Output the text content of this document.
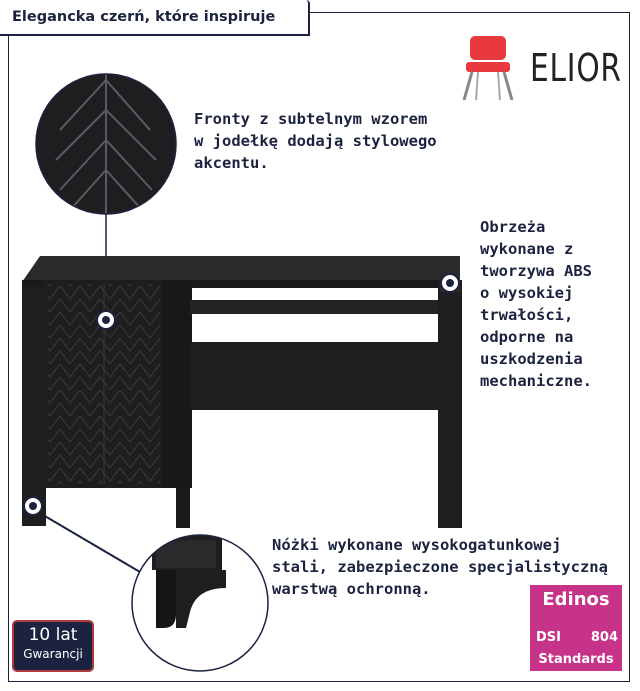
Elegancka czerń, które inspiruje
ELIOR
Fronty z subtelnym wzorem
w jodełkę dodają stylowego
akcentu.
Obrzeża
wykonane z
tworzywa ABS
o wysokiej
trwałości,
odporne na
uszkodzenia
mechaniczne.
Nóżki wykonane wysokogatunkowej
stali, zabezpieczone specjalistyczną
warstwą ochronną.
10 lat
Gwarancji
Edinos
DSI 804
Standards
